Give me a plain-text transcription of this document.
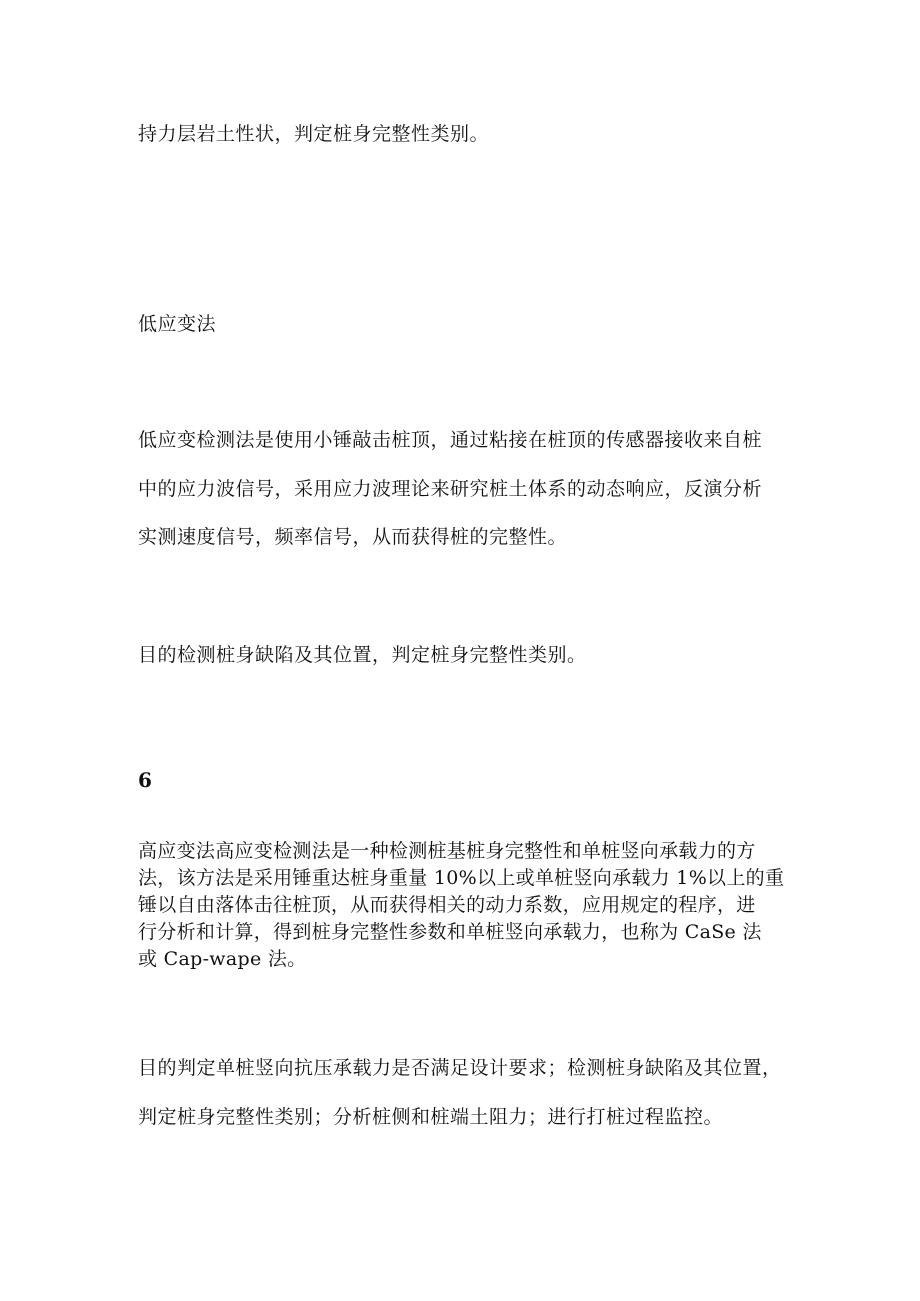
持力层岩土性状，判定桩身完整性类别。
低应变法
低应变检测法是使用小锤敲击桩顶，通过粘接在桩顶的传感器接收来自桩
中的应力波信号，采用应力波理论来研究桩土体系的动态响应，反演分析
实测速度信号，频率信号，从而获得桩的完整性。
目的检测桩身缺陷及其位置，判定桩身完整性类别。
6
高应变法高应变检测法是一种检测桩基桩身完整性和单桩竖向承载力的方
法，该方法是采用锤重达桩身重量 10%以上或单桩竖向承载力 1%以上的重
锤以自由落体击往桩顶，从而获得相关的动力系数，应用规定的程序，进
行分析和计算，得到桩身完整性参数和单桩竖向承载力，也称为 CaSe 法
或 Cap-wape 法。
目的判定单桩竖向抗压承载力是否满足设计要求；检测桩身缺陷及其位置，
判定桩身完整性类别；分析桩侧和桩端土阻力；进行打桩过程监控。
